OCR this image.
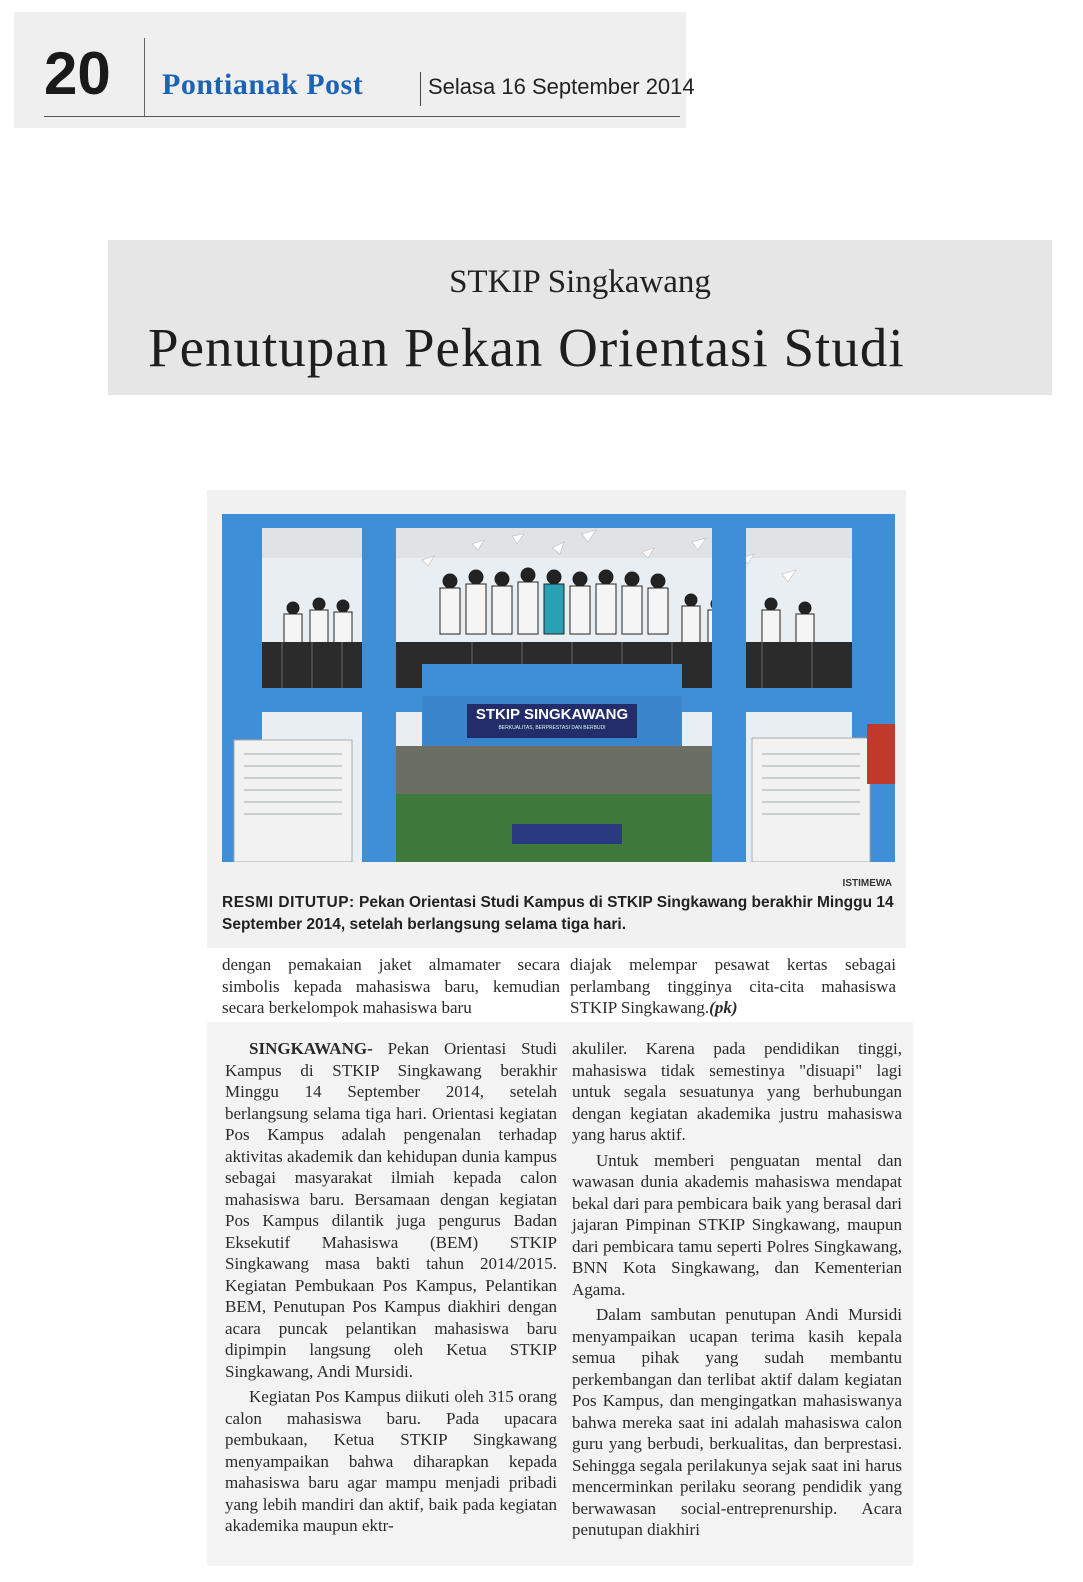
20 Pontianak Post	Selasa 16 September 2014
STKIP Singkawang
Penutupan Pekan Orientasi Studi
STKIP SINGKAWANG
BERKUALITAS, BERPRESTASI DAN BERBUDI
ISTIMEWA
RESMI DITUTUP: Pekan Orientasi Studi Kampus di STKIP Singkawang berakhir Minggu 14 September 2014, setelah berlangsung selama tiga hari.

dengan pemakaian jaket almamater secara simbolis kepada mahasiswa baru, kemudian secara berkelompok mahasiswa baru

diajak melempar pesawat kertas sebagai perlambang tingginya cita-cita mahasiswa STKIP Singkawang.(pk)

SINGKAWANG- Pekan Orientasi Studi Kampus di STKIP Singkawang berakhir Minggu 14 September 2014, setelah berlangsung selama tiga hari. Orientasi kegiatan Pos Kampus adalah pengenalan terhadap aktivitas akademik dan kehidupan dunia kampus sebagai masyarakat ilmiah kepada calon mahasiswa baru. Bersamaan dengan kegiatan Pos Kampus dilantik juga pengurus Badan Eksekutif Mahasiswa (BEM) STKIP Singkawang masa bakti tahun 2014/2015. Kegiatan Pembukaan Pos Kampus, Pelantikan BEM, Penutupan Pos Kampus diakhiri dengan acara puncak pelantikan mahasiswa baru dipimpin langsung oleh Ketua STKIP Singkawang, Andi Mursidi.

Kegiatan Pos Kampus diikuti oleh 315 orang calon mahasiswa baru. Pada upacara pembukaan, Ketua STKIP Singkawang menyampaikan bahwa diharapkan kepada mahasiswa baru agar mampu menjadi pribadi yang lebih mandiri dan aktif, baik pada kegiatan akademika maupun ektr-

akuliler. Karena pada pendidikan tinggi, mahasiswa tidak semestinya "disuapi" lagi untuk segala sesuatunya yang berhubungan dengan kegiatan akademika justru mahasiswa yang harus aktif.

Untuk memberi penguatan mental dan wawasan dunia akademis mahasiswa mendapat bekal dari para pembicara baik yang berasal dari jajaran Pimpinan STKIP Singkawang, maupun dari pembicara tamu seperti Polres Singkawang, BNN Kota Singkawang, dan Kementerian Agama.

Dalam sambutan penutupan Andi Mursidi menyampaikan ucapan terima kasih kepala semua pihak yang sudah membantu perkembangan dan terlibat aktif dalam kegiatan Pos Kampus, dan mengingatkan mahasiswanya bahwa mereka saat ini adalah mahasiswa calon guru yang berbudi, berkualitas, dan berprestasi. Sehingga segala perilakunya sejak saat ini harus mencerminkan perilaku seorang pendidik yang berwawasan social-entreprenurship. Acara penutupan diakhiri
